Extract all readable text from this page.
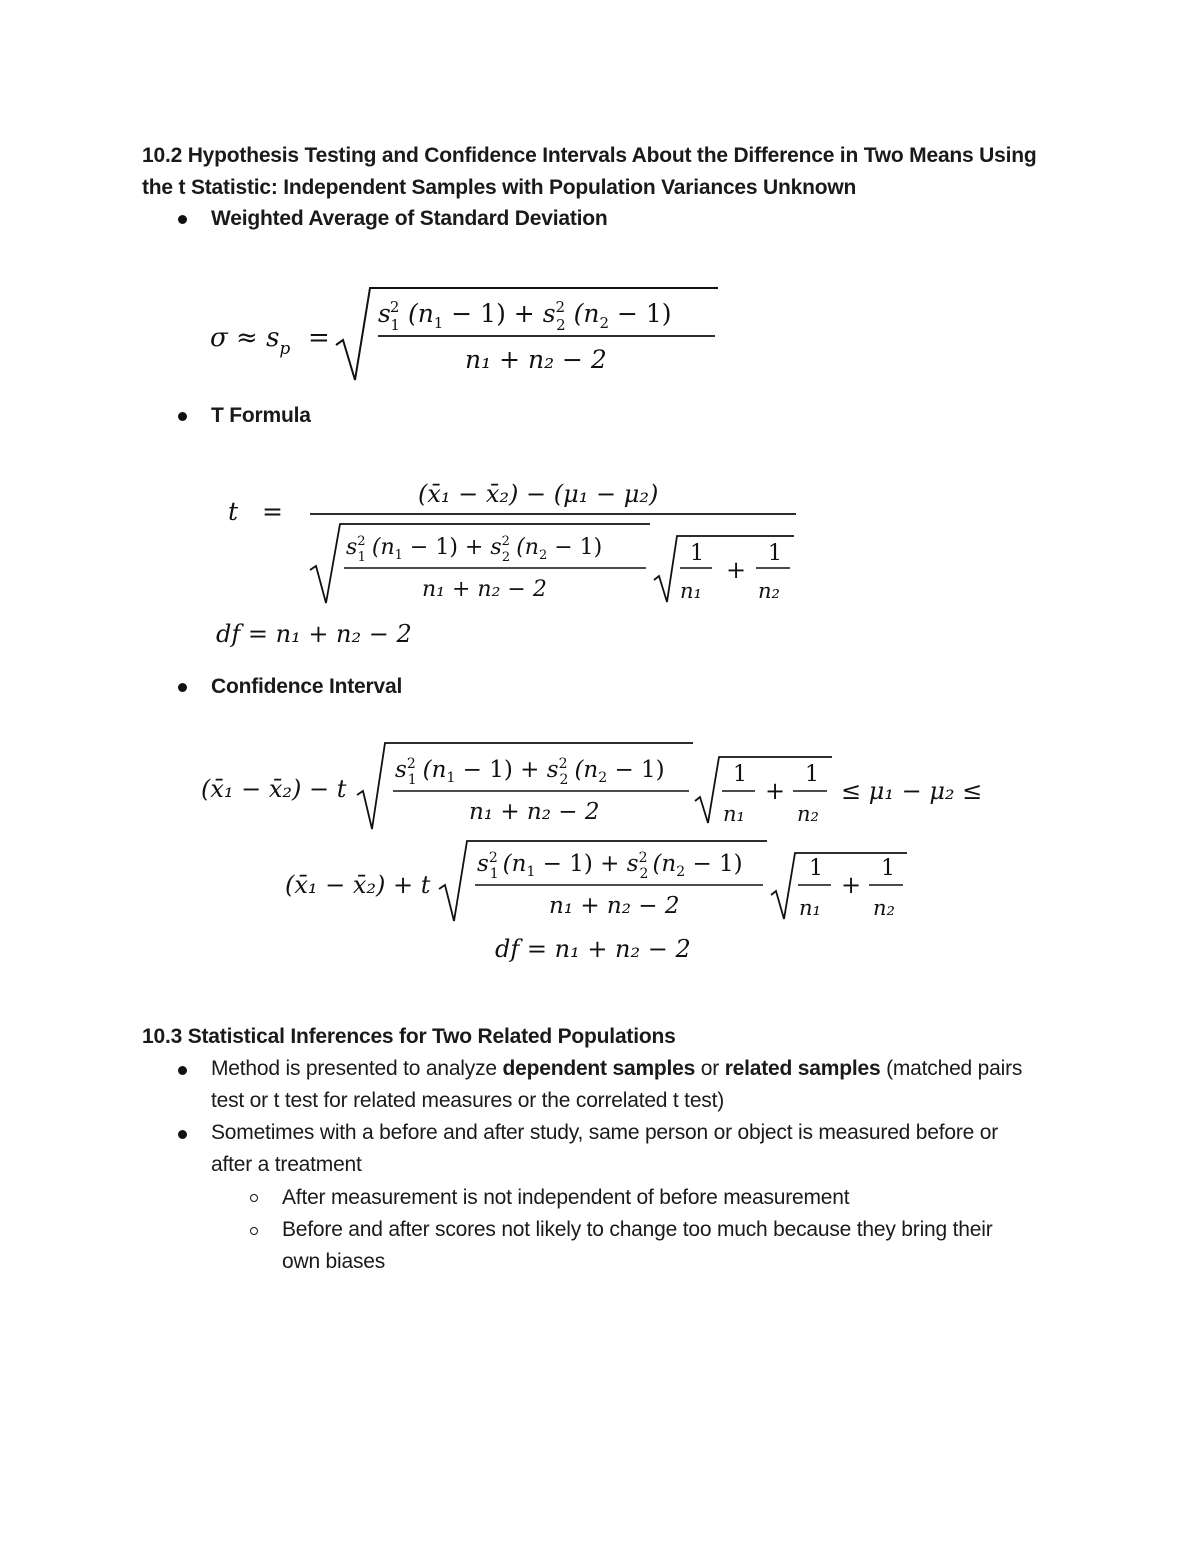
10.2 Hypothesis Testing and Confidence Intervals About the Difference in Two Means Using
the t Statistic: Independent Samples with Population Variances Unknown
Weighted Average of Standard Deviation
$\sigma \approx s_p$ =
s2 1 $(n_1 - 1) + s^2$ 2 $(n_2 - 1)$
n₁ + n₂ − 2
T Formula
t =
(x̄₁ − x̄₂) − (μ₁ − μ₂)
$s^2$ 1 $(n_1 - 1) + s^2$ 2 $(n_2 - 1)$
n₁ + n₂ − 2
1
n₁
+
1
n₂
df = n₁ + n₂ − 2
Confidence Interval
(x̄₁ − x̄₂) − t
$s^2$ 1 $(n_1 - 1) + s^2$ 2 $(n_2 - 1)$
n₁ + n₂ − 2
1
n₁
+
1
n₂
≤ μ₁ − μ₂ ≤
(x̄₁ − x̄₂) + t
$s^2$ 1 $(n_1 - 1) + s^2$ 2 $(n_2 - 1)$
n₁ + n₂ − 2
1
n₁
+
1
n₂
df = n₁ + n₂ − 2
10.3 Statistical Inferences for Two Related Populations
Method is presented to analyze dependent samples or related samples (matched pairs
test or t test for related measures or the correlated t test)
Sometimes with a before and after study, same person or object is measured before or
after a treatment
After measurement is not independent of before measurement
Before and after scores not likely to change too much because they bring their
own biases
